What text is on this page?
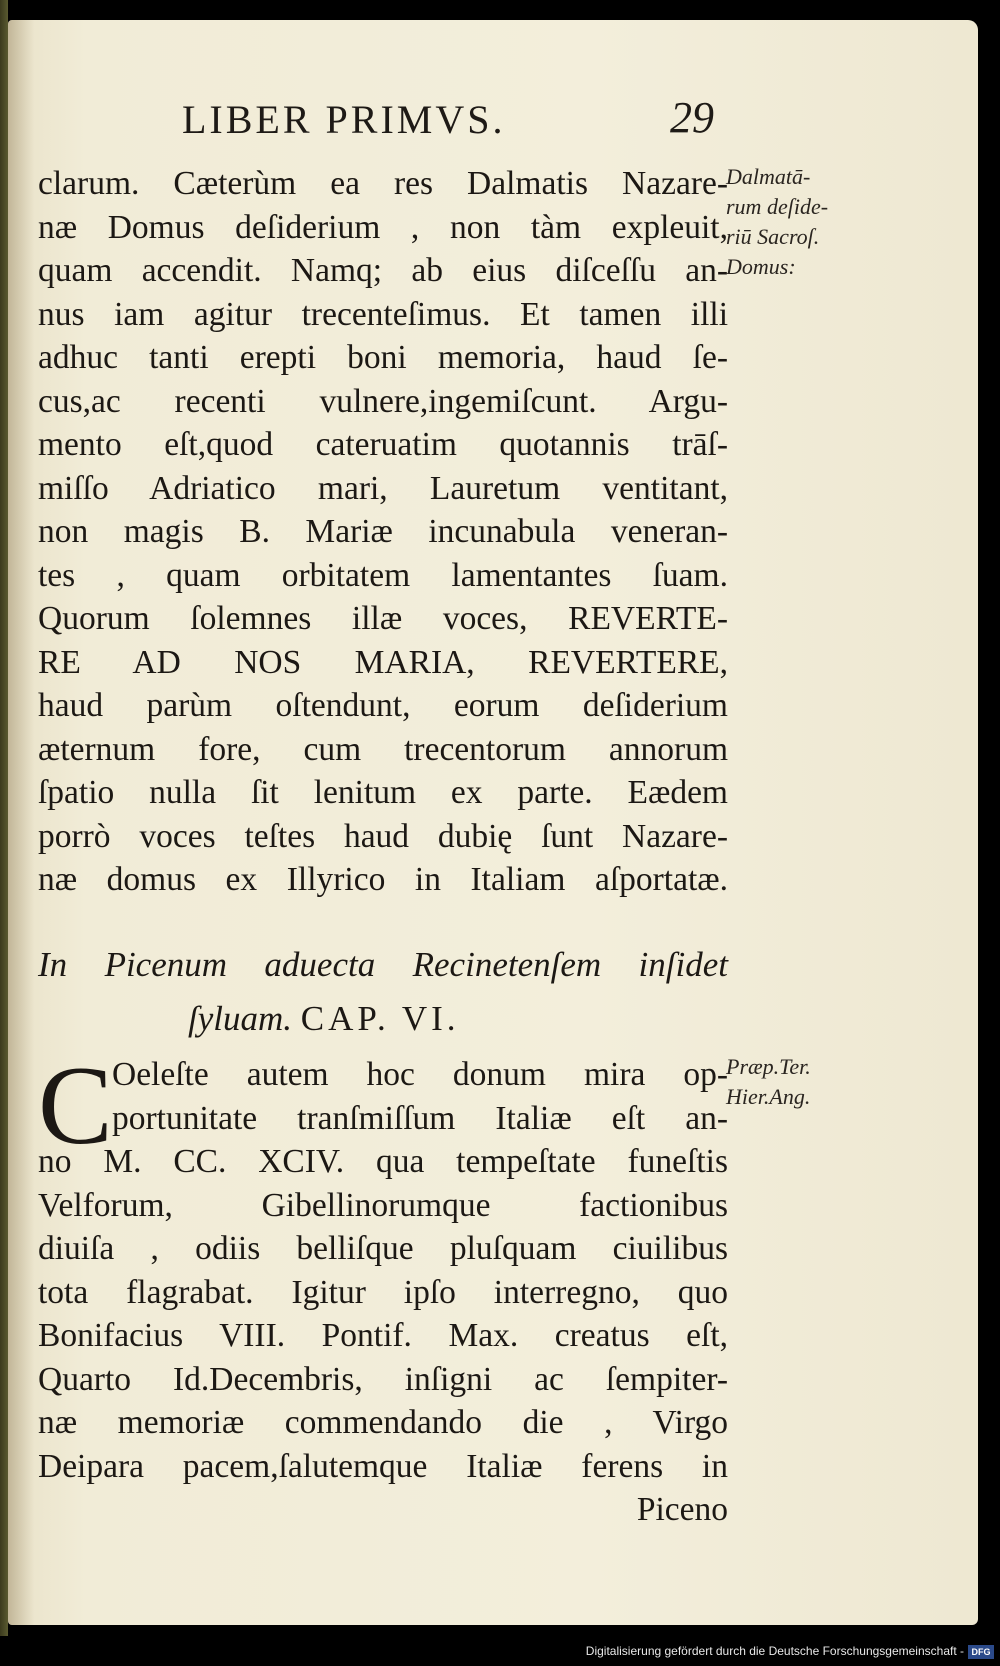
LIBER PRIMVS.	29
clarum. Cæterùm ea res Dalmatis Nazare-
næ Domus deſiderium , non tàm expleuit,
quam accendit. Namq; ab eius diſceſſu an-
nus iam agitur trecenteſimus. Et tamen illi
adhuc tanti erepti boni memoria, haud ſe-
cus,ac recenti vulnere,ingemiſcunt. Argu-
mento eſt,quod cateruatim quotannis trāſ-
miſſo Adriatico mari, Lauretum ventitant,
non magis B. Mariæ incunabula veneran-
tes , quam orbitatem lamentantes ſuam.
Quorum ſolemnes illæ voces, REVERTE-
RE AD NOS MARIA, REVERTERE,
haud parùm oſtendunt, eorum deſiderium
æternum fore, cum trecentorum annorum
ſpatio nulla ſit lenitum ex parte. Eædem
porrò voces teſtes haud dubię ſunt Nazare-
næ domus ex Illyrico in Italiam aſportatæ.
In Picenum aduecta Recinetenſem inſidet
ſyluam. CAP. VI.
C Oeleſte autem hoc donum mira op-
portunitate tranſmiſſum Italiæ eſt an-
no M. CC. XCIV. qua tempeſtate funeſtis
Velforum, Gibellinorumque factionibus
diuiſa , odiis belliſque pluſquam ciuilibus
tota flagrabat. Igitur ipſo interregno, quo
Bonifacius VIII. Pontif. Max. creatus eſt,
Quarto Id.Decembris, inſigni ac ſempiter-
næ memoriæ commendando die , Virgo
Deipara pacem,ſalutemque Italiæ ferens in
Piceno
Dalmatā-
rum deſide-
riū Sacroſ.
Domus:
Præp.Ter.
Hier.Ang.
Digitalisierung gefördert durch die Deutsche Forschungsgemeinschaft - DFG
